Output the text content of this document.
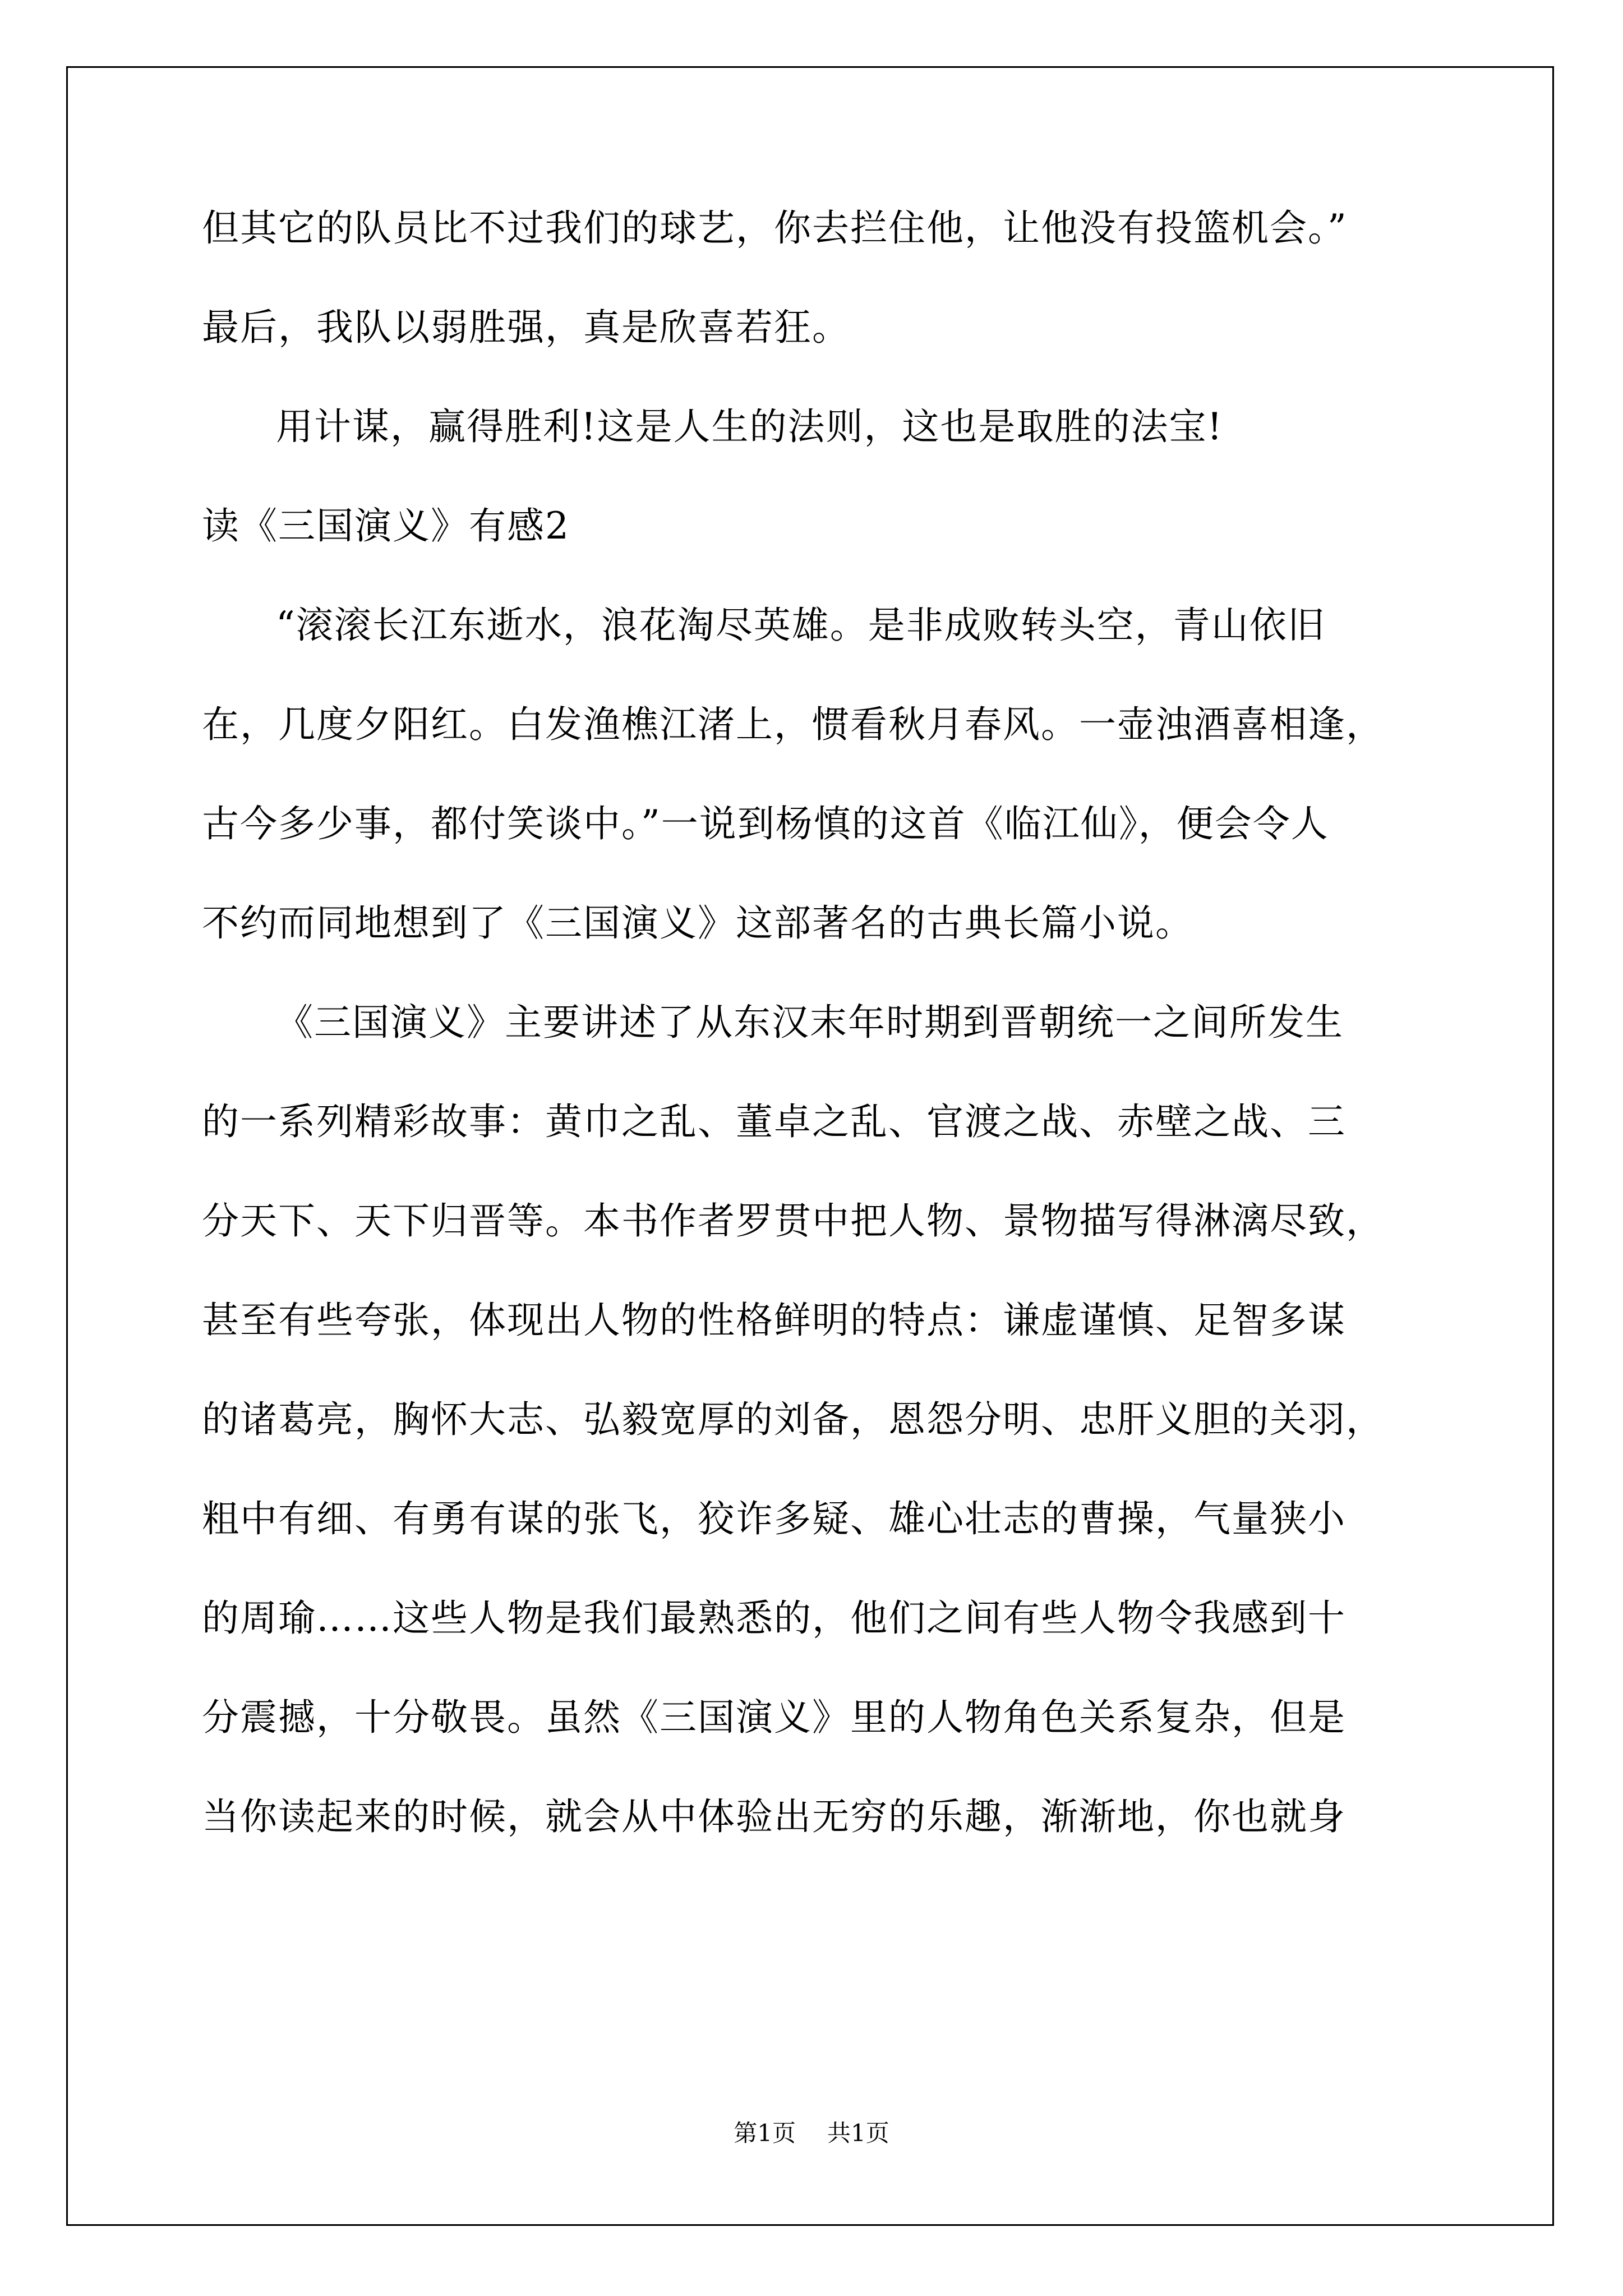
但其它的队员比不过我们的球艺，你去拦住他，让他没有投篮机会。”
最后，我队以弱胜强，真是欣喜若狂。
用计谋，赢得胜利!这是人生的法则，这也是取胜的法宝!
读《三国演义》有感2
“滚滚长江东逝水，浪花淘尽英雄。是非成败转头空，青山依旧
在，几度夕阳红。白发渔樵江渚上，惯看秋月春风。一壶浊酒喜相逢，
古今多少事，都付笑谈中。”一说到杨慎的这首《临江仙》，便会令人
不约而同地想到了《三国演义》这部著名的古典长篇小说。
《三国演义》主要讲述了从东汉末年时期到晋朝统一之间所发生
的一系列精彩故事：黄巾之乱、董卓之乱、官渡之战、赤壁之战、三
分天下、天下归晋等。本书作者罗贯中把人物、景物描写得淋漓尽致，
甚至有些夸张，体现出人物的性格鲜明的特点：谦虚谨慎、足智多谋
的诸葛亮，胸怀大志、弘毅宽厚的刘备，恩怨分明、忠肝义胆的关羽，
粗中有细、有勇有谋的张飞，狡诈多疑、雄心壮志的曹操，气量狭小
的周瑜……这些人物是我们最熟悉的，他们之间有些人物令我感到十
分震撼，十分敬畏。虽然《三国演义》里的人物角色关系复杂，但是
当你读起来的时候，就会从中体验出无穷的乐趣，渐渐地，你也就身
第1页 共1页
